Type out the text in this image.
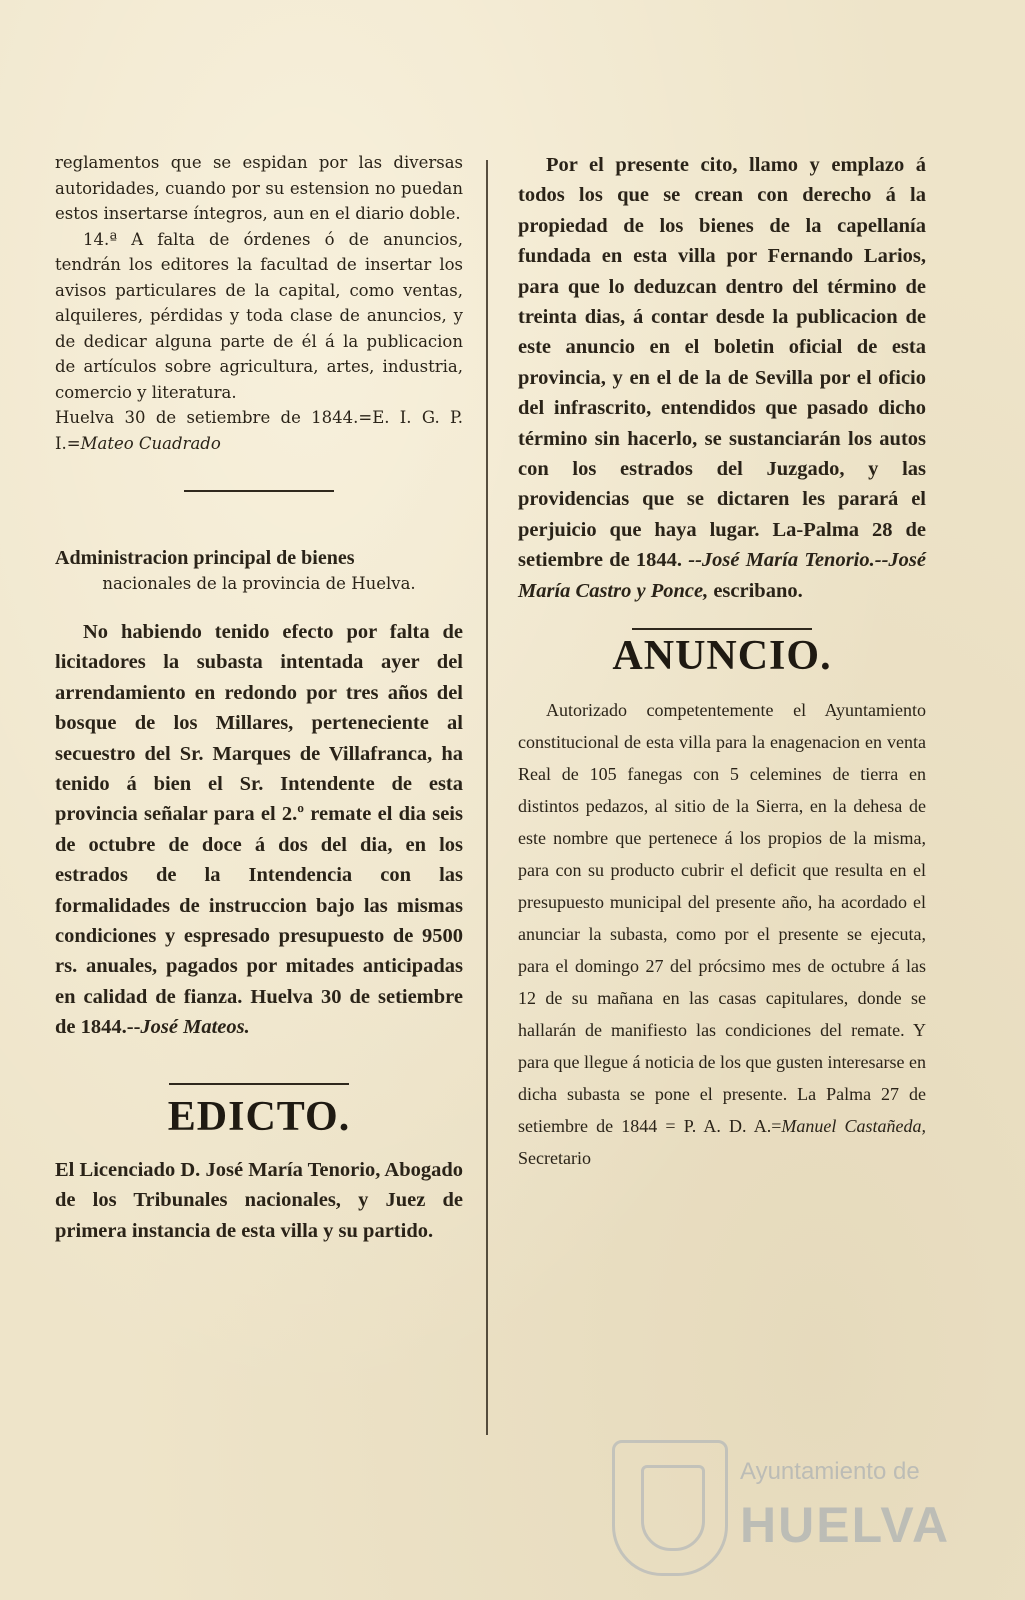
reglamentos que se espidan por las diversas autoridades, cuando por su estension no puedan estos insertarse íntegros, aun en el diario doble.

14.ª A falta de órdenes ó de anuncios, tendrán los editores la facultad de insertar los avisos particulares de la capital, como ventas, alquileres, pérdidas y toda clase de anuncios, y de dedicar alguna parte de él á la publicacion de artículos sobre agricultura, artes, industria, comercio y literatura.

Huelva 30 de setiembre de 1844.=E. I. G. P. I.=Mateo Cuadrado

Administracion principal de bienes

nacionales de la provincia de Huelva.

No habiendo tenido efecto por falta de licitadores la subasta intentada ayer del arrendamiento en redondo por tres años del bosque de los Millares, perteneciente al secuestro del Sr. Marques de Villafranca, ha tenido á bien el Sr. Intendente de esta provincia señalar para el 2.º remate el dia seis de octubre de doce á dos del dia, en los estrados de la Intendencia con las formalidades de instruccion bajo las mismas condiciones y espresado presupuesto de 9500 rs. anuales, pagados por mitades anticipadas en calidad de fianza. Huelva 30 de setiembre de 1844.--José Mateos.

EDICTO.

El Licenciado D. José María Tenorio, Abogado de los Tribunales nacionales, y Juez de primera instancia de esta villa y su partido.

Por el presente cito, llamo y emplazo á todos los que se crean con derecho á la propiedad de los bienes de la capellanía fundada en esta villa por Fernando Larios, para que lo deduzcan dentro del término de treinta dias, á contar desde la publicacion de este anuncio en el boletin oficial de esta provincia, y en el de la de Sevilla por el oficio del infrascrito, entendidos que pasado dicho término sin hacerlo, se sustanciarán los autos con los estrados del Juzgado, y las providencias que se dictaren les parará el perjuicio que haya lugar. La-Palma 28 de setiembre de 1844. --José María Tenorio.--José María Castro y Ponce, escribano.

ANUNCIO.

Autorizado competentemente el Ayuntamiento constitucional de esta villa para la enagenacion en venta Real de 105 fanegas con 5 celemines de tierra en distintos pedazos, al sitio de la Sierra, en la dehesa de este nombre que pertenece á los propios de la misma, para con su producto cubrir el deficit que resulta en el presupuesto municipal del presente año, ha acordado el anunciar la subasta, como por el presente se ejecuta, para el domingo 27 del prócsimo mes de octubre á las 12 de su mañana en las casas capitulares, donde se hallarán de manifiesto las condiciones del remate. Y para que llegue á noticia de los que gusten interesarse en dicha subasta se pone el presente. La Palma 27 de setiembre de 1844 = P. A. D. A.=Manuel Castañeda, Secretario

Ayuntamiento de
HUELVA
